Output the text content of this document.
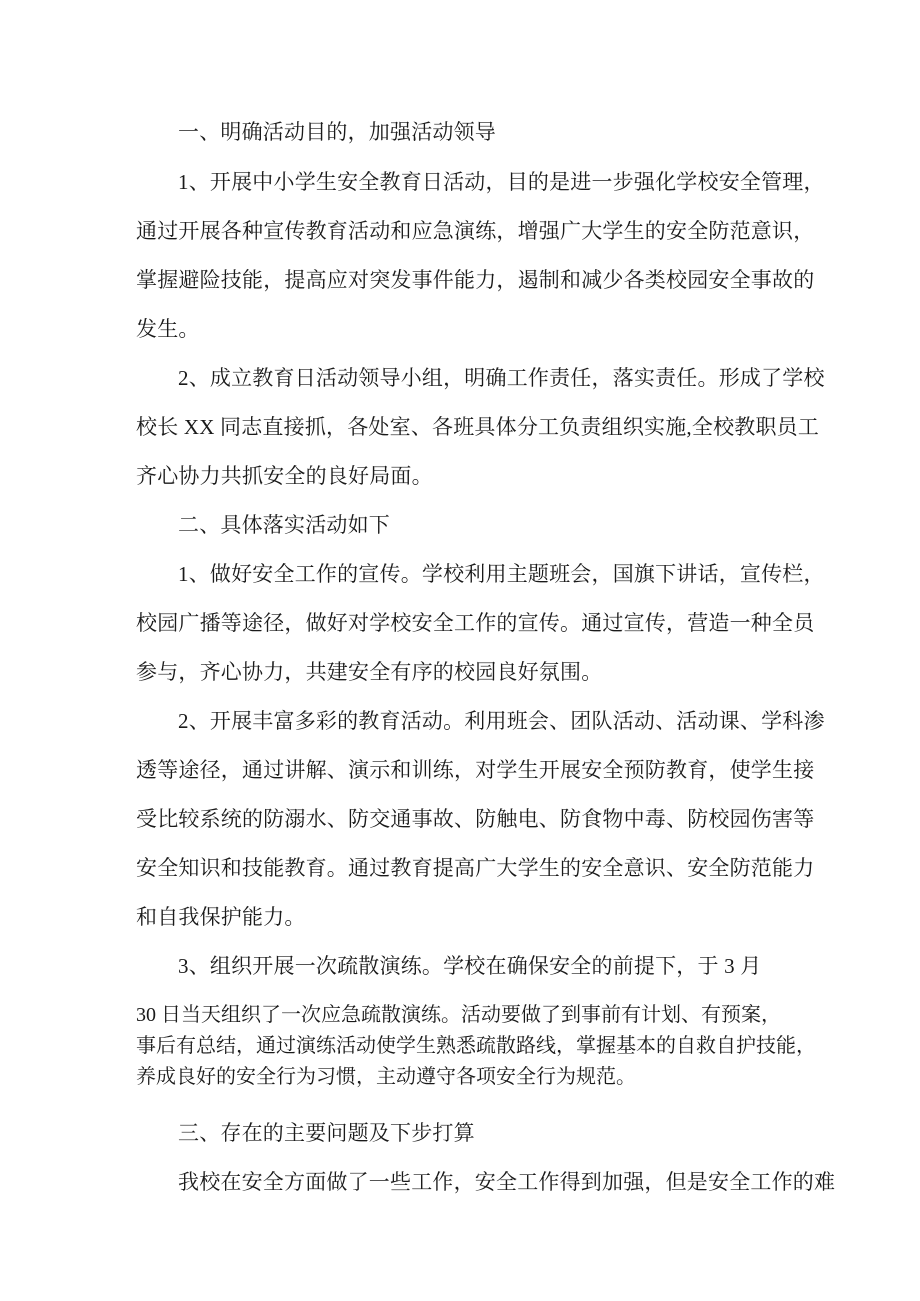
一、明确活动目的，加强活动领导
1、开展中小学生安全教育日活动，目的是进一步强化学校安全管理，
通过开展各种宣传教育活动和应急演练，增强广大学生的安全防范意识，
掌握避险技能，提高应对突发事件能力，遏制和减少各类校园安全事故的
发生。
2、成立教育日活动领导小组，明确工作责任，落实责任。形成了学校
校长 XX 同志直接抓，各处室、各班具体分工负责组织实施,全校教职员工
齐心协力共抓安全的良好局面。
二、具体落实活动如下
1、做好安全工作的宣传。学校利用主题班会，国旗下讲话，宣传栏，
校园广播等途径，做好对学校安全工作的宣传。通过宣传，营造一种全员
参与，齐心协力，共建安全有序的校园良好氛围。
2、开展丰富多彩的教育活动。利用班会、团队活动、活动课、学科渗
透等途径，通过讲解、演示和训练，对学生开展安全预防教育，使学生接
受比较系统的防溺水、防交通事故、防触电、防食物中毒、防校园伤害等
安全知识和技能教育。通过教育提高广大学生的安全意识、安全防范能力
和自我保护能力。
3、组织开展一次疏散演练。学校在确保安全的前提下，于 3 月
30 日当天组织了一次应急疏散演练。活动要做了到事前有计划、有预案，
事后有总结，通过演练活动使学生熟悉疏散路线，掌握基本的自救自护技能，
养成良好的安全行为习惯，主动遵守各项安全行为规范。
三、存在的主要问题及下步打算
我校在安全方面做了一些工作，安全工作得到加强，但是安全工作的难
